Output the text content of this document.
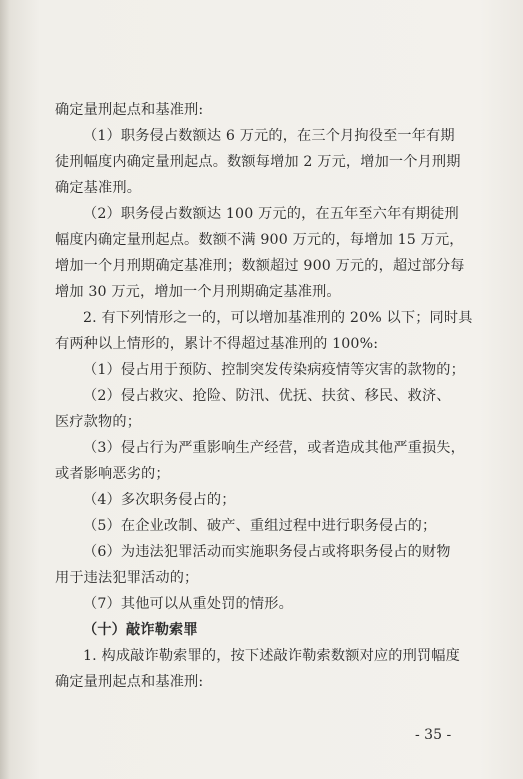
确定量刑起点和基准刑:
（1）职务侵占数额达 6 万元的，在三个月拘役至一年有期
徒刑幅度内确定量刑起点。数额每增加 2 万元，增加一个月刑期
确定基准刑。
（2）职务侵占数额达 100 万元的，在五年至六年有期徒刑
幅度内确定量刑起点。数额不满 900 万元的，每增加 15 万元，
增加一个月刑期确定基准刑；数额超过 900 万元的，超过部分每
增加 30 万元，增加一个月刑期确定基准刑。
2. 有下列情形之一的，可以增加基准刑的 20% 以下；同时具
有两种以上情形的，累计不得超过基准刑的 100%:
（1）侵占用于预防、控制突发传染病疫情等灾害的款物的；
（2）侵占救灾、抢险、防汛、优抚、扶贫、移民、救济、
医疗款物的；
（3）侵占行为严重影响生产经营，或者造成其他严重损失，
或者影响恶劣的；
（4）多次职务侵占的；
（5）在企业改制、破产、重组过程中进行职务侵占的；
（6）为违法犯罪活动而实施职务侵占或将职务侵占的财物
用于违法犯罪活动的；
（7）其他可以从重处罚的情形。
（十）敲诈勒索罪
1. 构成敲诈勒索罪的，按下述敲诈勒索数额对应的刑罚幅度
确定量刑起点和基准刑:
- 35 -
